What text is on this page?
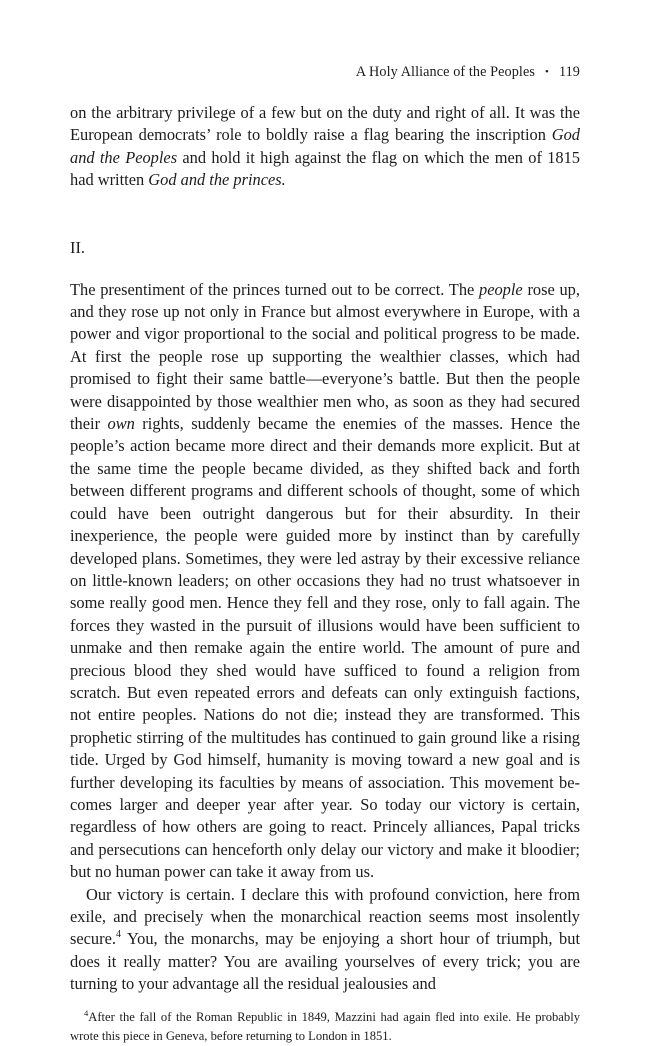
A Holy Alliance of the Peoples • 119

on the arbitrary privilege of a few but on the duty and right of all. It was the European democrats’ role to boldly raise a flag bearing the inscription God and the Peoples and hold it high against the flag on which the men of 1815 had written God and the princes.

II.

The presentiment of the princes turned out to be correct. The people rose up, and they rose up not only in France but almost everywhere in Europe, with a power and vigor proportional to the social and political progress to be made. At first the people rose up supporting the wealthier classes, which had promised to fight their same battle—everyone’s battle. But then the people were disappointed by those wealthier men who, as soon as they had secured their own rights, suddenly became the enemies of the masses. Hence the people’s action became more direct and their demands more explicit. But at the same time the people became divided, as they shifted back and forth between different programs and different schools of thought, some of which could have been outright dangerous but for their absurdity. In their inexperience, the people were guided more by instinct than by carefully developed plans. Sometimes, they were led astray by their excessive reliance on little-known leaders; on other occasions they had no trust whatsoever in some really good men. Hence they fell and they rose, only to fall again. The forces they wasted in the pursuit of illusions would have been sufficient to unmake and then remake again the entire world. The amount of pure and precious blood they shed would have sufficed to found a religion from scratch. But even repeated errors and defeats can only extinguish factions, not entire peoples. Nations do not die; instead they are transformed. This prophetic stirring of the multitudes has continued to gain ground like a rising tide. Urged by God himself, humanity is moving toward a new goal and is further developing its faculties by means of association. This movement becomes larger and deeper year after year. So today our victory is certain, regardless of how others are going to react. Princely alliances, Papal tricks and persecutions can henceforth only delay our victory and make it bloodier; but no human power can take it away from us.

Our victory is certain. I declare this with profound conviction, here from exile, and precisely when the monarchical reaction seems most insolently secure.$^4$ You, the monarchs, may be enjoying a short hour of triumph, but does it really matter? You are availing yourselves of every trick; you are turning to your advantage all the residual jealousies and

$^4$After the fall of the Roman Republic in 1849, Mazzini had again fled into exile. He probably wrote this piece in Geneva, before returning to London in 1851.
